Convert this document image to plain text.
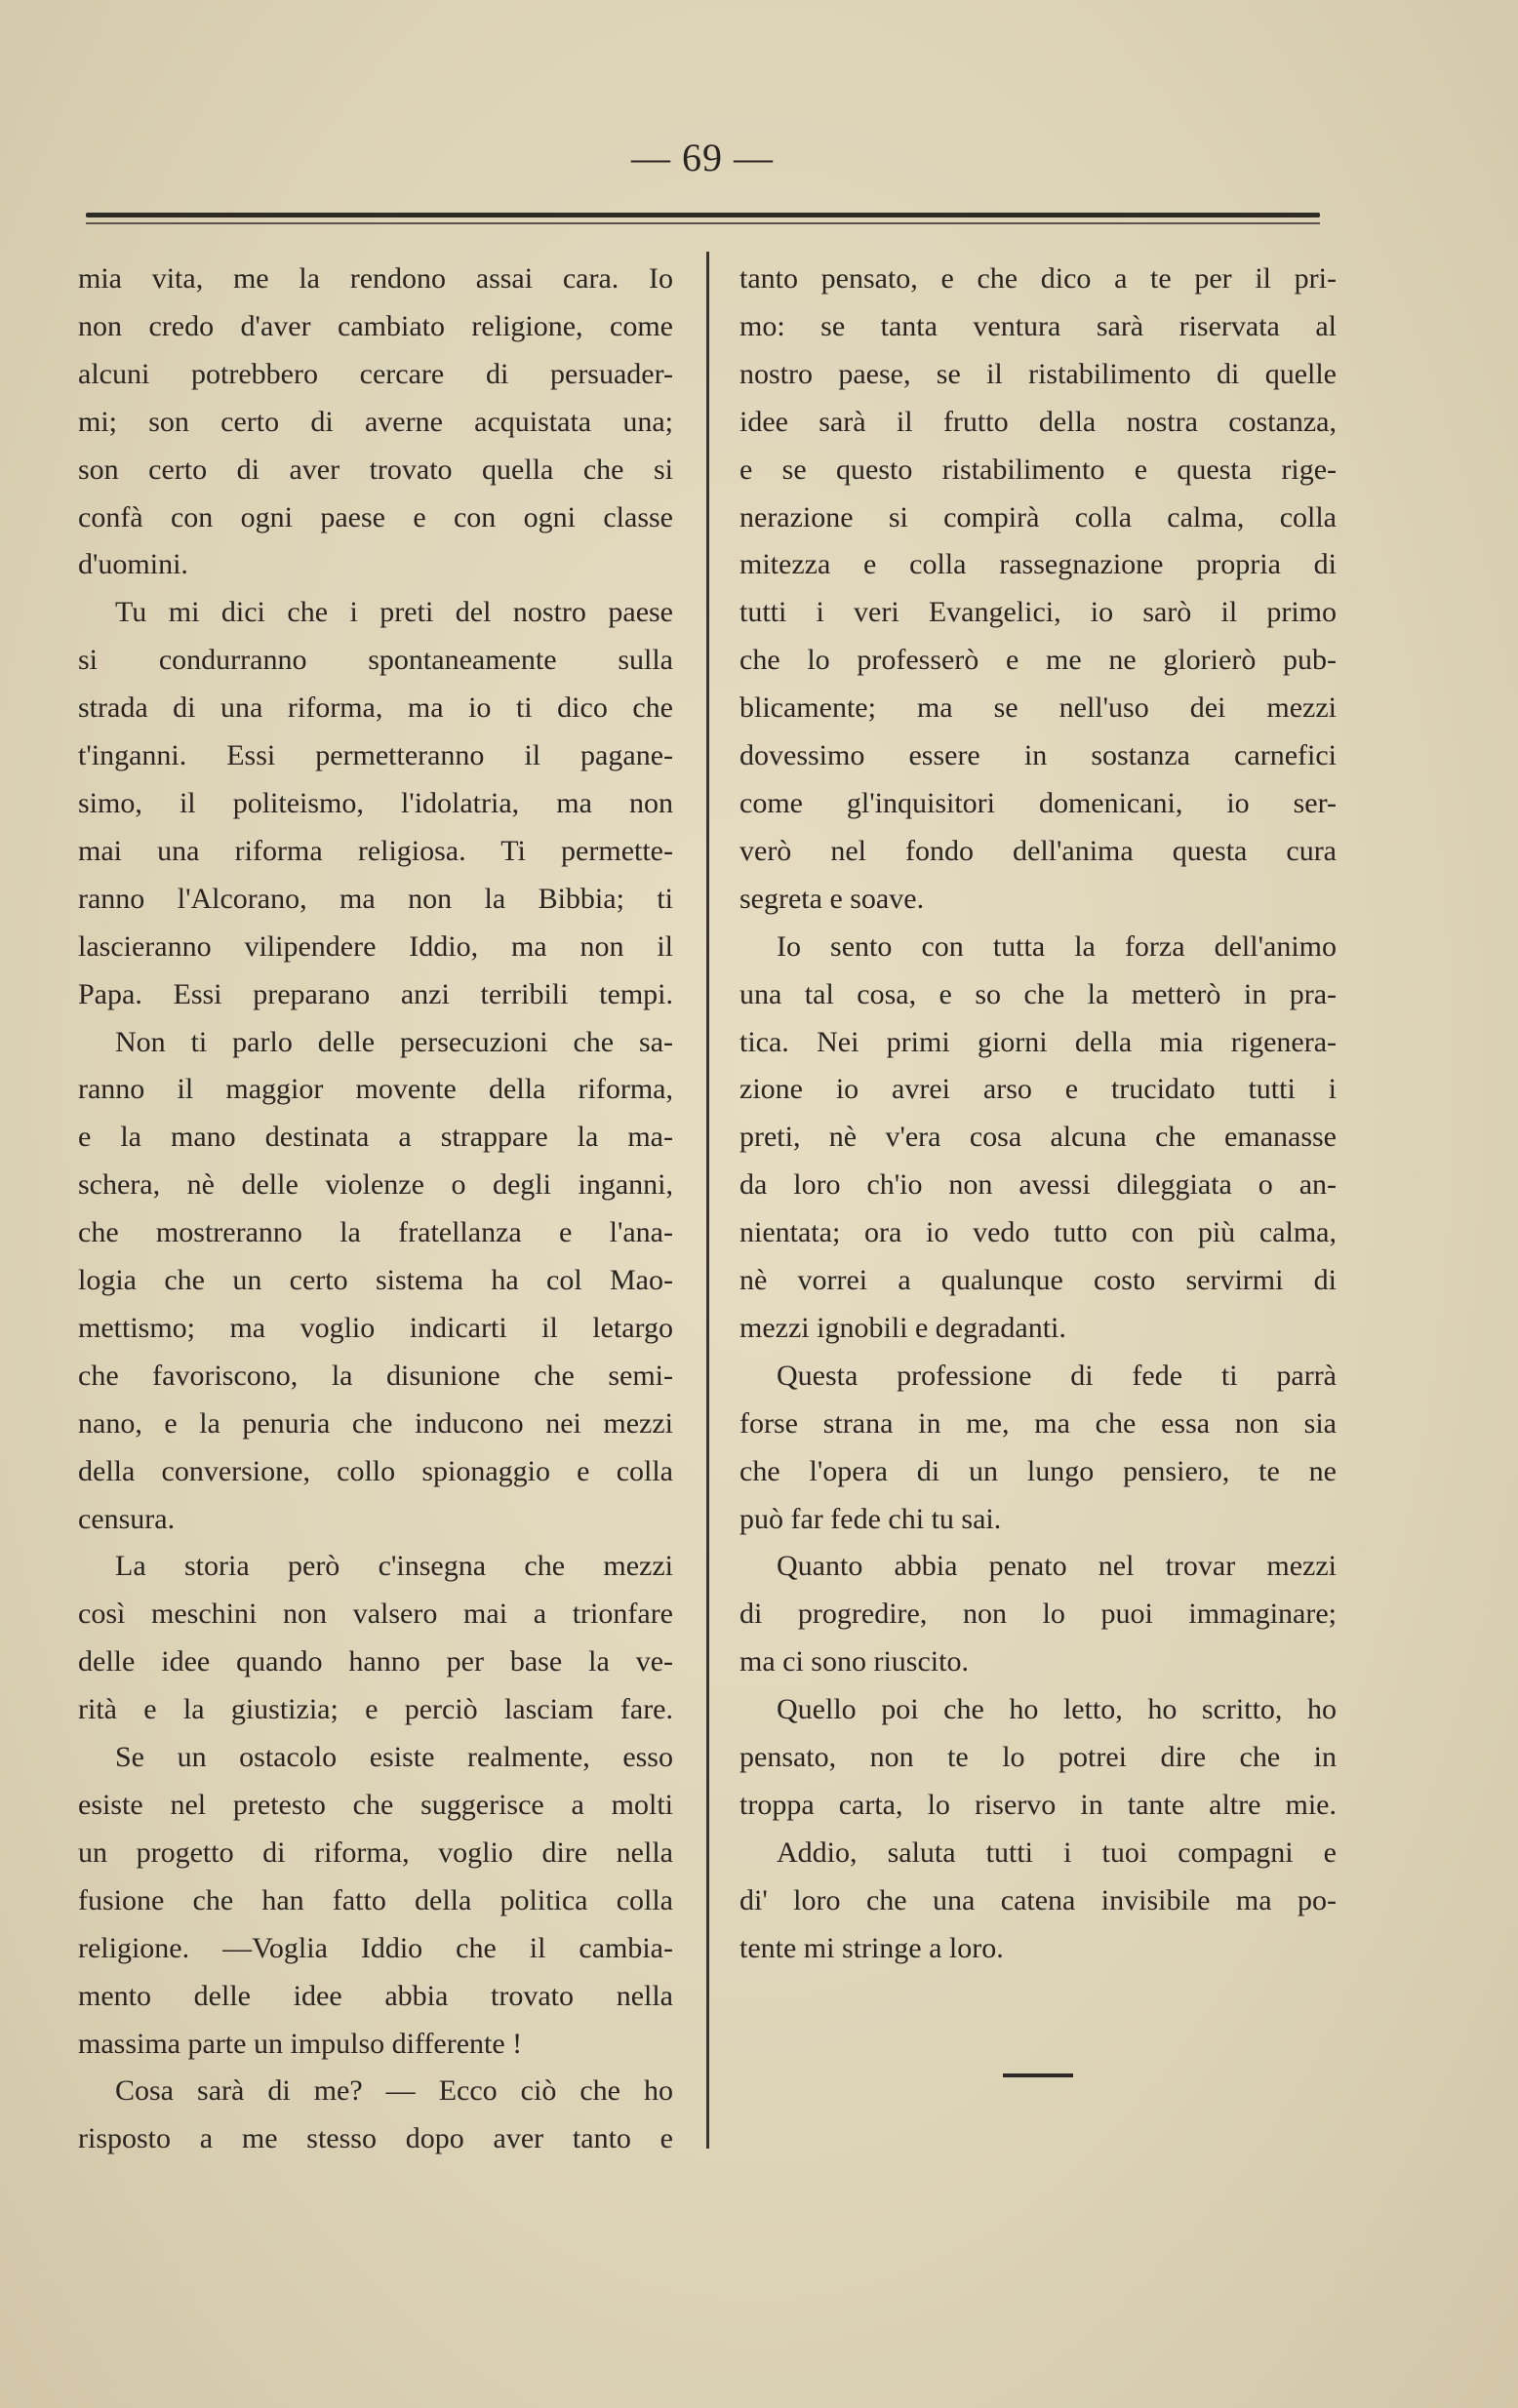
— 69 —
mia vita, me la rendono assai cara. Io
non credo d'aver cambiato religione, come
alcuni potrebbero cercare di persuader-
mi; son certo di averne acquistata una;
son certo di aver trovato quella che si
confà con ogni paese e con ogni classe
d'uomini.
Tu mi dici che i preti del nostro paese
si condurranno spontaneamente sulla
strada di una riforma, ma io ti dico che
t'inganni. Essi permetteranno il pagane-
simo, il politeismo, l'idolatria, ma non
mai una riforma religiosa. Ti permette-
ranno l'Alcorano, ma non la Bibbia; ti
lascieranno vilipendere Iddio, ma non il
Papa. Essi preparano anzi terribili tempi.
Non ti parlo delle persecuzioni che sa-
ranno il maggior movente della riforma,
e la mano destinata a strappare la ma-
schera, nè delle violenze o degli inganni,
che mostreranno la fratellanza e l'ana-
logia che un certo sistema ha col Mao-
mettismo; ma voglio indicarti il letargo
che favoriscono, la disunione che semi-
nano, e la penuria che inducono nei mezzi
della conversione, collo spionaggio e colla
censura.
La storia però c'insegna che mezzi
così meschini non valsero mai a trionfare
delle idee quando hanno per base la ve-
rità e la giustizia; e perciò lasciam fare.
Se un ostacolo esiste realmente, esso
esiste nel pretesto che suggerisce a molti
un progetto di riforma, voglio dire nella
fusione che han fatto della politica colla
religione. —Voglia Iddio che il cambia-
mento delle idee abbia trovato nella
massima parte un impulso differente !
Cosa sarà di me? — Ecco ciò che ho
risposto a me stesso dopo aver tanto e
tanto pensato, e che dico a te per il pri-
mo: se tanta ventura sarà riservata al
nostro paese, se il ristabilimento di quelle
idee sarà il frutto della nostra costanza,
e se questo ristabilimento e questa rige-
nerazione si compirà colla calma, colla
mitezza e colla rassegnazione propria di
tutti i veri Evangelici, io sarò il primo
che lo professerò e me ne glorierò pub-
blicamente; ma se nell'uso dei mezzi
dovessimo essere in sostanza carnefici
come gl'inquisitori domenicani, io ser-
verò nel fondo dell'anima questa cura
segreta e soave.
Io sento con tutta la forza dell'animo
una tal cosa, e so che la metterò in pra-
tica. Nei primi giorni della mia rigenera-
zione io avrei arso e trucidato tutti i
preti, nè v'era cosa alcuna che emanasse
da loro ch'io non avessi dileggiata o an-
nientata; ora io vedo tutto con più calma,
nè vorrei a qualunque costo servirmi di
mezzi ignobili e degradanti.
Questa professione di fede ti parrà
forse strana in me, ma che essa non sia
che l'opera di un lungo pensiero, te ne
può far fede chi tu sai.
Quanto abbia penato nel trovar mezzi
di progredire, non lo puoi immaginare;
ma ci sono riuscito.
Quello poi che ho letto, ho scritto, ho
pensato, non te lo potrei dire che in
troppa carta, lo riservo in tante altre mie.
Addio, saluta tutti i tuoi compagni e
di' loro che una catena invisibile ma po-
tente mi stringe a loro.
